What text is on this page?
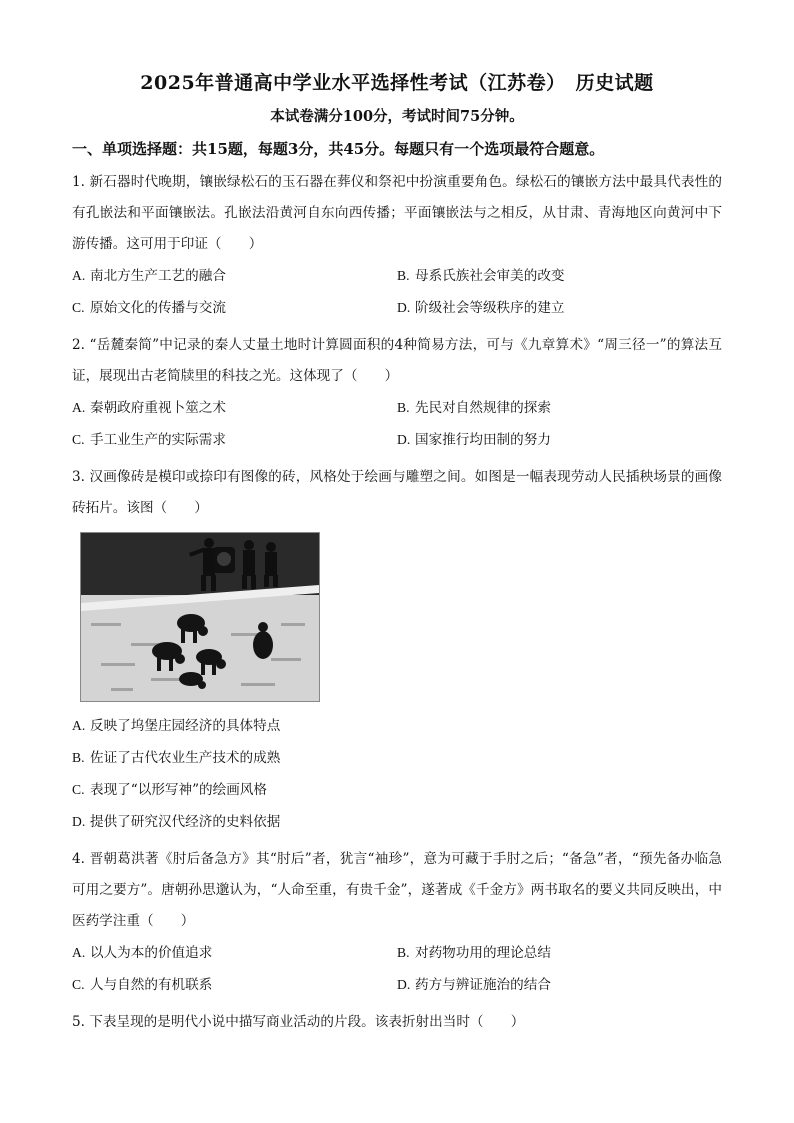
2025年普通高中学业水平选择性考试（江苏卷）　历史试题
本试卷满分100分，考试时间75分钟。
一、单项选择题：共15题，每题3分，共45分。每题只有一个选项最符合题意。

1. 新石器时代晚期，镶嵌绿松石的玉石器在葬仪和祭祀中扮演重要角色。绿松石的镶嵌方法中最具代表性的有孔嵌法和平面镶嵌法。孔嵌法沿黄河自东向西传播；平面镶嵌法与之相反，从甘肃、青海地区向黄河中下游传播。这可用于印证（　　）

A. 南北方生产工艺的融合	B. 母系氏族社会审美的改变
C. 原始文化的传播与交流	D. 阶级社会等级秩序的建立

2. “岳麓秦简”中记录的秦人丈量土地时计算圆面积的4种简易方法，可与《九章算术》“周三径一”的算法互证，展现出古老简牍里的科技之光。这体现了（　　）

A. 秦朝政府重视卜筮之术	B. 先民对自然规律的探索
C. 手工业生产的实际需求	D. 国家推行均田制的努力

3. 汉画像砖是模印或捺印有图像的砖，风格处于绘画与雕塑之间。如图是一幅表现劳动人民插秧场景的画像砖拓片。该图（　　）

A. 反映了坞堡庄园经济的具体特点
B. 佐证了古代农业生产技术的成熟
C. 表现了“以形写神”的绘画风格
D. 提供了研究汉代经济的史料依据

4. 晋朝葛洪著《肘后备急方》其“肘后”者，犹言“袖珍”，意为可藏于手肘之后；“备急”者，“预先备办临急可用之要方”。唐朝孙思邈认为，“人命至重，有贵千金”，遂著成《千金方》两书取名的要义共同反映出，中医药学注重（　　）

A. 以人为本的价值追求	B. 对药物功用的理论总结
C. 人与自然的有机联系	D. 药方与辨证施治的结合

5. 下表呈现的是明代小说中描写商业活动的片段。该表折射出当时（　　）
